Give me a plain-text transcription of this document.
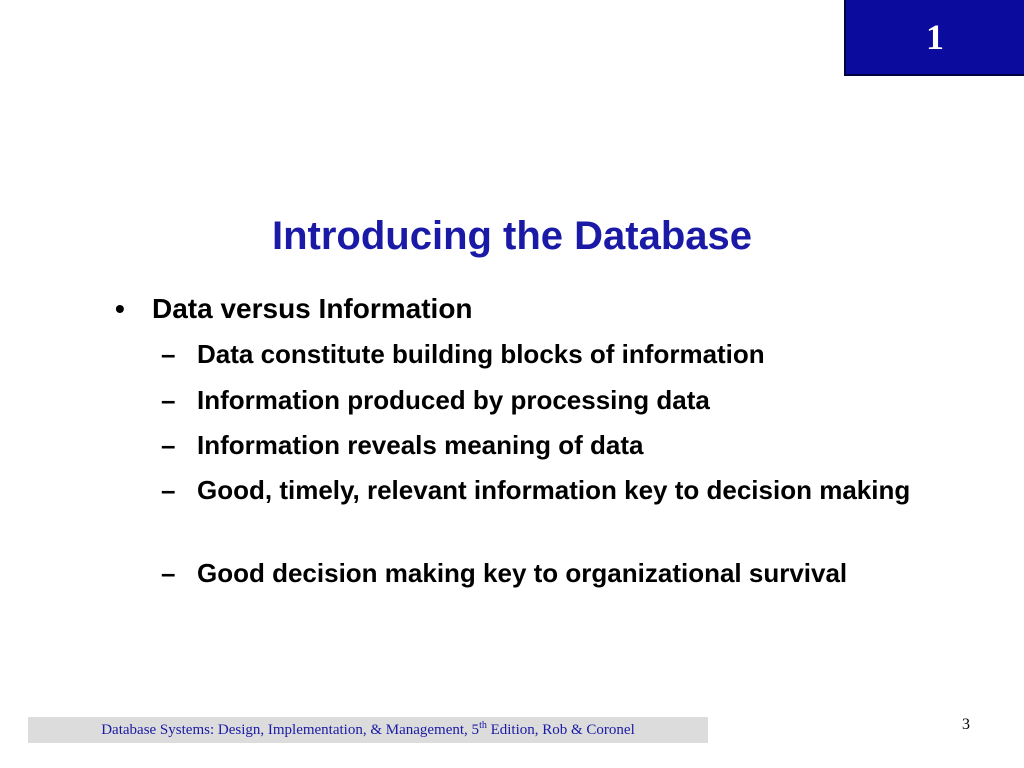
1
Introducing the Database
• Data versus Information
– Data constitute building blocks of information
– Information produced by processing data
– Information reveals meaning of data
– Good, timely, relevant information key to decision making
– Good decision making key to organizational survival
Database Systems: Design, Implementation, & Management, 5th Edition, Rob & Coronel	3
